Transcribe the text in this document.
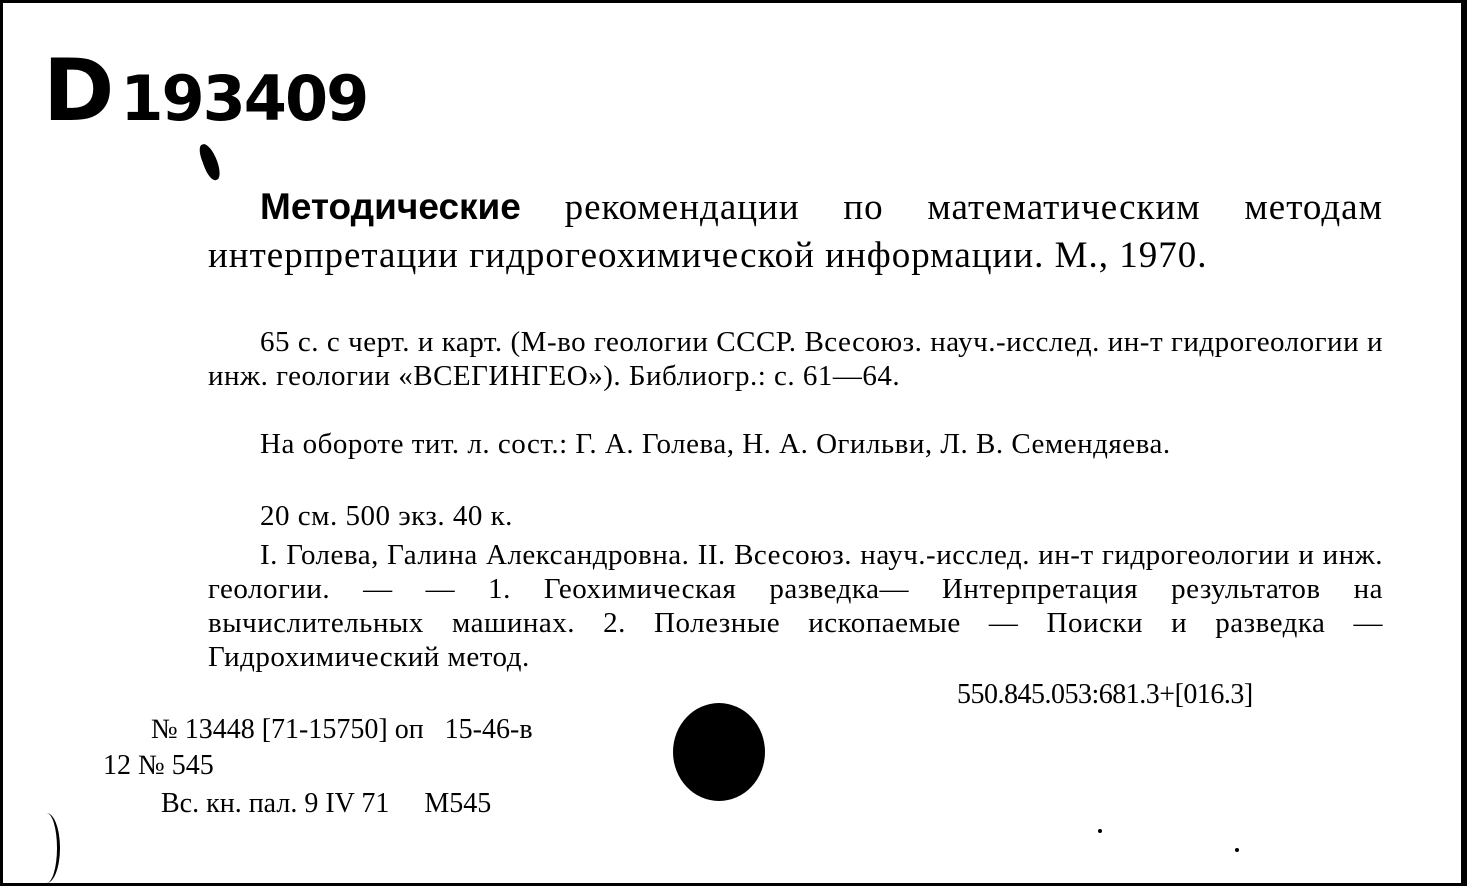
D193409

Методические рекомендации по математическим методам интерпретации гидрогеохимической информации. М., 1970.

65 с. с черт. и карт. (М-во геологии СССР. Всесоюз. науч.-исслед. ин-т гидрогеологии и инж. геологии «ВСЕГИНГЕО»). Библиогр.: с. 61—64.

На обороте тит. л. сост.: Г. А. Голева, Н. А. Огильви, Л. В. Семендяева.

20 см. 500 экз. 40 к.

I. Голева, Галина Александровна. II. Всесоюз. науч.-исслед. ин-т гидрогеологии и инж. геологии. — — 1. Геохимическая разведка— Интерпретация результатов на вычислительных машинах. 2. Полезные ископаемые — Поиски и разведка — Гидрохимический метод.

550.845.053:681.3+[016.3]
№ 13448 [71-15750] оп   15-46-в
12 № 545
Вс. кн. пал. 9 IV 71     М545
